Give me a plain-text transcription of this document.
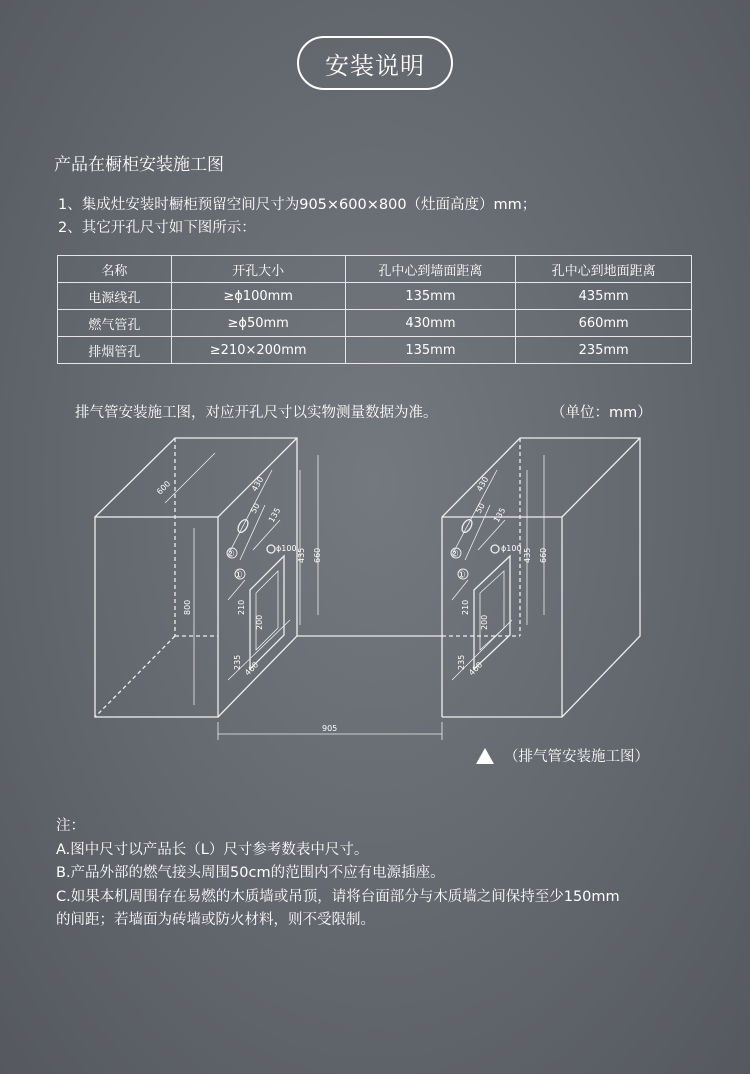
安装说明
产品在橱柜安装施工图
1、集成灶安装时橱柜预留空间尺寸为905×600×800（灶面高度）mm；
2、其它开孔尺寸如下图所示：
名称	开孔大小	孔中心到墙面距离	孔中心到地面距离
电源线孔	≥ϕ100mm	135mm	435mm
燃气管孔	≥ϕ50mm	430mm	660mm
排烟管孔	≥210×200mm	135mm	235mm
排气管安装施工图，对应开孔尺寸以实物测量数据为准。	（单位：mm）
600
800
905
430
50 135
ϕ100 435 660
210
200
235 460
430
50 135
ϕ100 435 660
210
200
235 460
②
①
②
①
（排气管安装施工图）
注：
A.图中尺寸以产品长（L）尺寸参考数表中尺寸。
B.产品外部的燃气接头周围50cm的范围内不应有电源插座。
C.如果本机周围存在易燃的木质墙或吊顶，请将台面部分与木质墙之间保持至少150mm
的间距；若墙面为砖墙或防火材料，则不受限制。
